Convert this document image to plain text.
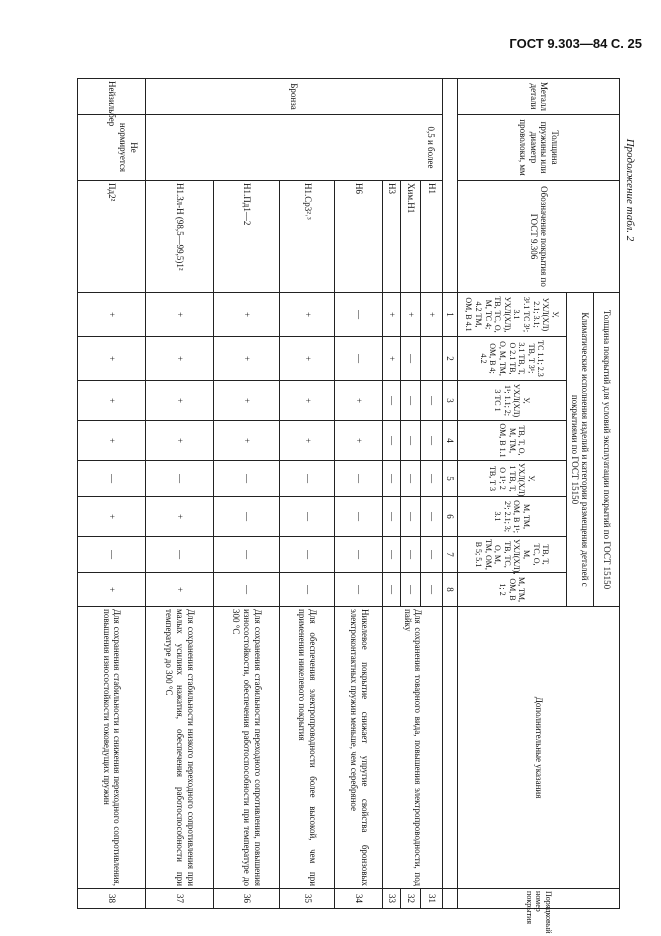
ГОСТ 9.303—84 С. 25
Продолжение табл. 2
Металл детали	Толщина пружины или диаметр проволоки, мм	Обозначение покрытия по ГОСТ 9.306	Толщина покрытий для условий эксплуатации покрытий по ГОСТ 15150								Дополнительные указания	Порядковый номер покрытия
			Климатические исполнения изделий и категории размещения деталей с покрытиями по ГОСТ 15150									
			У, УХЛ(ХЛ) 2.1; 3.1; 3¹.1 ТС 3¹; 3.1 УХЛ(ХЛ), ТВ, ТС, О, М, ТС 4; 4.2 ТМ, ОМ, В 4.1	ТС 1.1; 2.3 ТВ, Т 3¹; 3.1 ТВ, Т, О 2.1 ТВ, О, М, ТМ, ОМ, В 4; 4.2	У, УХЛ(ХЛ) 1¹; 1.1; 2; 3 ТС 1	ТВ, Т, О, М, ТМ, ОМ, В 1.1	У, УХЛ(ХЛ) 1 ТВ, Т, О 1¹; 2 ТВ, Т 3	М, ТМ, ОМ, В 1¹; 2¹; 2.1; 3; 3.1	ТВ, Т, ТС, О, М, УХЛ(ХЛ), ТВ, ТС, О, М, ТМ, ОМ, В 5; 5.1	М, ТМ, ОМ, В 1; 2		
			1	2	3	4	5	6	7	8		
Бронза	0,5 и более	Н1	+		—	—	—	—	—	—	Для сохранения товарного вида, повышения электропроводности, под пайку	31
		Хим.Н1	+	—	—	—	—	—	—	—		32
		Н3	+	+	—	—	—	—	—	—		33
		Н6	—	—	+	+	—	—	—	—	Никелевое покрытие снижает упругие свойства бронзовых электроконтактных пружин меньше, чем серебряное	34
		Н1.Ср3²˒³	+	+	+	+	—	—	—	—	Для обеспечения электропроводности более высокой, чем при применении никелевого покрытия	35
		Н1.Пд1—2	+	+	+	+	—	—	—	—	Для сохранения стабильности переходного сопротивления, повышения износостойкости, обеспечения работоспособности при температуре до 300 °С	36
		Н1.Зл-Н (98,5—99,5)1²	+	+	+	+	—	+	—	+	Для сохранения стабильности низкого переходного сопротивления при малых усилиях нажатия, обеспечения работоспособности при температуре до 300 °С	37
Нейзильбер	Не нормируется	Пд2²	+	+	+	+	—	+	—	+	Для сохранения стабильности и снижения переходного сопротивления, повышения износостойкости токоведущих пружин	38
